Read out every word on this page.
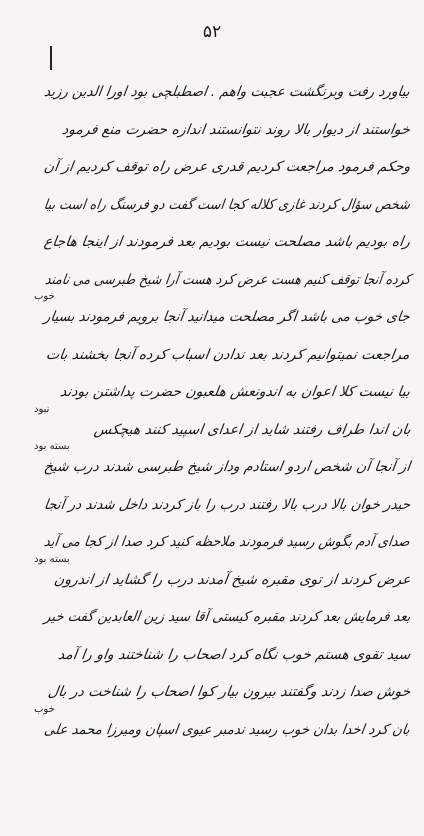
۵۲
بیاورد رفت وبرنگشت عجبت واهم . اصطبلچی بود اورا الدین رزید
خواستند از دیوار بالا روند نتوانستند اندازه حضرت منع فرمود
وحکم فرمود مراجعت کردیم قدری عرض راه توقف کردیم از آن
شخص سؤال کردند غازی کلاله کجا است گفت دو فرسنگ راه است بیا
راه بودیم باشد مصلحت نیست بودیم بعد فرمودند از اینجا هاجاع
کرده آنجا توقف کنیم هست عرض کرد هست آرا شیخ طبرسی می نامند
جای خوب می باشد اگر مصلحت میدانید آنجا برویم فرمودند بسیار
خوب
مراجعت نمیتوانیم کردند بعد ندادن اسباب کرده آنجا بخشند بات
بیا نیست کلا اعوان به اندونعش هلعبون حضرت پداشتن بودند
بان اندا طراف رفتند شاید از اعدای اسپید کنند هیچکس
نبود
از آنجا آن شخص اردو استادم وداز شیخ طبرسی شدند درب شیخ
بسته بود
حیدر خوان بالا درب بالا رفتند درب را باز کردند داخل شدند در آنجا
صدای آدم بگوش رسید فرمودند ملاحظه کنید کرد صدا از کجا می آید
عرض کردند از توی مقبره شیخ آمدند درب را گشاید از اندرون
بسته بود
بعد فرمایش بعد کردند مقبره کیستی آقا سید زین العابدین گفت خیر
سید تقوی هستم خوب نگاه کرد اصحاب را شناختند واو را آمد
خوش صدا زدند وگفتند بیرون بیار کوا اصحاب را شناخت در بال
بان کرد اخدا بدان خوب رسید ندمبر عیوی اسپان ومیرزا محمد علی
خوب
